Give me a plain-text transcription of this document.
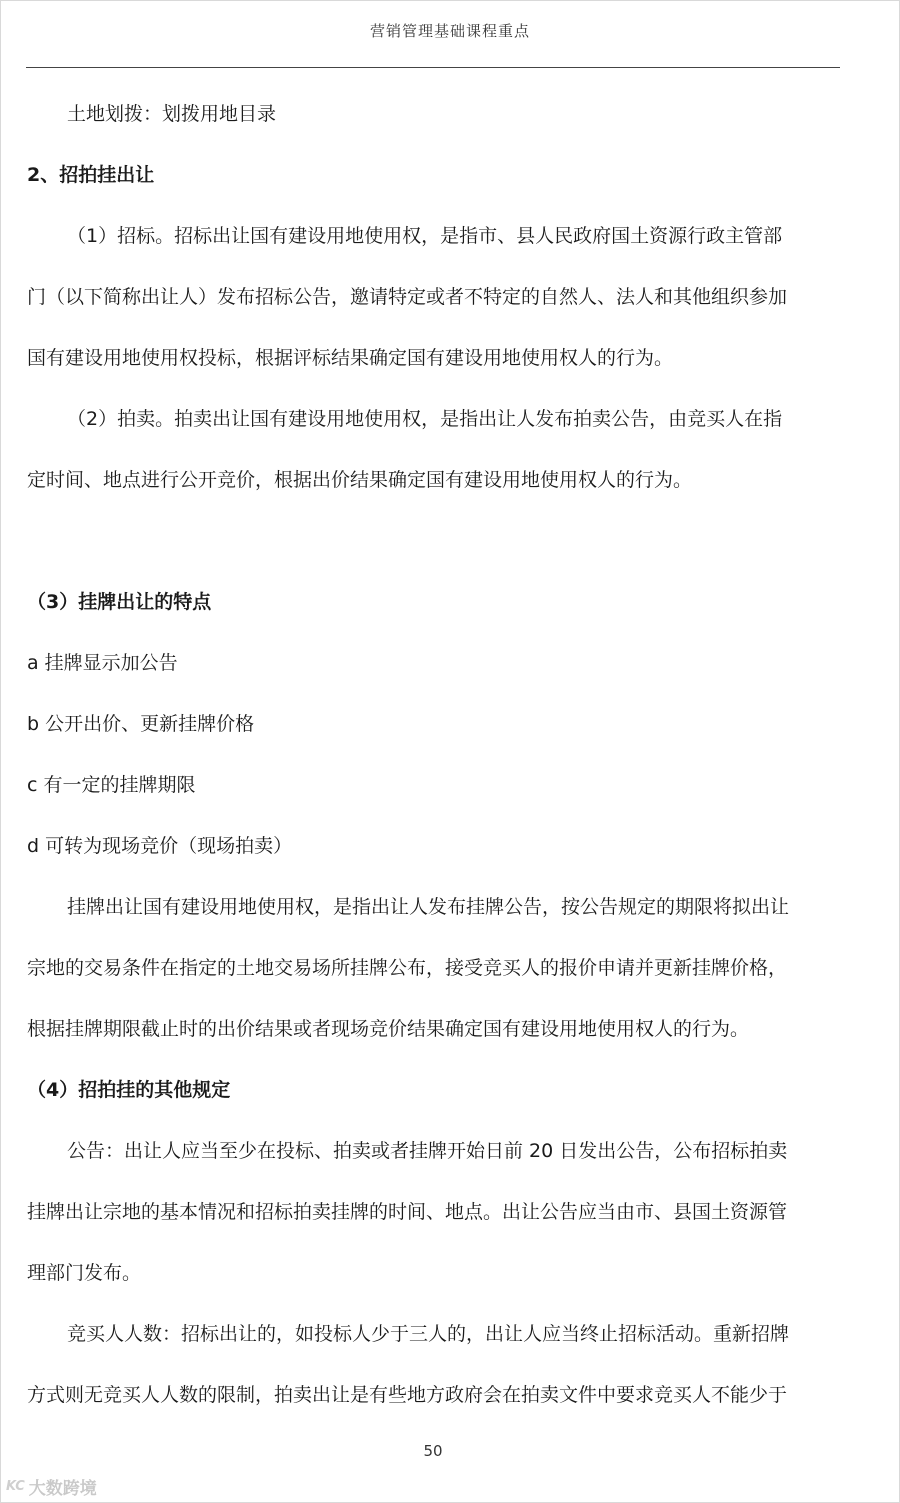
营销管理基础课程重点
土地划拨：划拨用地目录
2、招拍挂出让
（1）招标。招标出让国有建设用地使用权，是指市、县人民政府国土资源行政主管部
门（以下简称出让人）发布招标公告，邀请特定或者不特定的自然人、法人和其他组织参加
国有建设用地使用权投标，根据评标结果确定国有建设用地使用权人的行为。
（2）拍卖。拍卖出让国有建设用地使用权，是指出让人发布拍卖公告，由竞买人在指
定时间、地点进行公开竞价，根据出价结果确定国有建设用地使用权人的行为。
（3）挂牌出让的特点
a 挂牌显示加公告
b 公开出价、更新挂牌价格
c 有一定的挂牌期限
d 可转为现场竞价（现场拍卖）
挂牌出让国有建设用地使用权，是指出让人发布挂牌公告，按公告规定的期限将拟出让
宗地的交易条件在指定的土地交易场所挂牌公布，接受竞买人的报价申请并更新挂牌价格，
根据挂牌期限截止时的出价结果或者现场竞价结果确定国有建设用地使用权人的行为。
（4）招拍挂的其他规定
公告：出让人应当至少在投标、拍卖或者挂牌开始日前 20 日发出公告，公布招标拍卖
挂牌出让宗地的基本情况和招标拍卖挂牌的时间、地点。出让公告应当由市、县国土资源管
理部门发布。
竞买人人数：招标出让的，如投标人少于三人的，出让人应当终止招标活动。重新招牌
方式则无竞买人人数的限制，拍卖出让是有些地方政府会在拍卖文件中要求竞买人不能少于
50
KC 大数跨境
